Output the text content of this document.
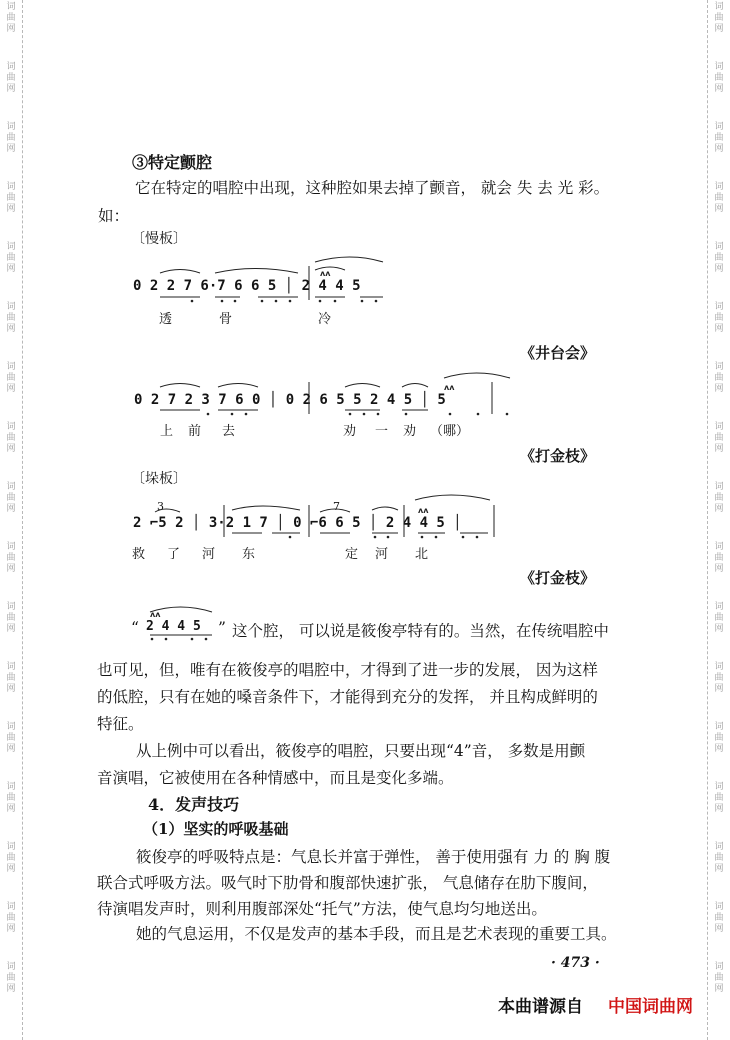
词
曲
网
词
曲
网
词
曲
网
词
曲
网
词
曲
网
词
曲
网
词
曲
网
词
曲
网
词
曲
网
词
曲
网
词
曲
网
词
曲
网
词
曲
网
词
曲
网
词
曲
网
词
曲
网
词
曲
网
词
曲
网
词
曲
网
词
曲
网
词
曲
网
词
曲
网
词
曲
网
词
曲
网
词
曲
网
词
曲
网
词
曲
网
词
曲
网
词
曲
网
词
曲
网
词
曲
网
词
曲
网
词
曲
网
词
曲
网
③特定颤腔
它在特定的唱腔中出现，这种腔如果去掉了颤音， 就会 失 去 光 彩。
如：
〔慢板〕
0 2 2 7 6·7 6 6 5 │ 2 4 4 5
透	骨	冷
《井台会》
0 2 7 2 3 7 6 0 │ 0 2 6 5 5 2 4 5 │ 5
上 前 去	劝 一 劝 （哪）
《打金枝》
〔垛板〕
3	7
2 ⌐5 2 │ 3·2 1 7 │ 0 ⌐6 6 5 │ 2 4 4 5 │
救 了 河 东	定 河 北
《打金枝》
“ 2 4 4 5 ” 这个腔， 可以说是筱俊亭特有的。当然，在传统唱腔中
也可见，但，唯有在筱俊亭的唱腔中，才得到了进一步的发展， 因为这样
的低腔，只有在她的嗓音条件下，才能得到充分的发挥， 并且构成鲜明的
特征。
从上例中可以看出，筱俊亭的唱腔，只要出现“4”音， 多数是用颤
音演唱，它被使用在各种情感中，而且是变化多端。
4．发声技巧
（1）坚实的呼吸基础
筱俊亭的呼吸特点是：气息长并富于弹性， 善于使用强有 力 的 胸 腹
联合式呼吸方法。吸气时下肋骨和腹部快速扩张， 气息储存在肋下腹间，
待演唱发声时，则利用腹部深处“托气”方法，使气息均匀地送出。
她的气息运用，不仅是发声的基本手段，而且是艺术表现的重要工具。
· 473 ·
本曲谱源自 中国词曲网
ʌʌ
ʌʌ
ʌʌ
ʌʌ
